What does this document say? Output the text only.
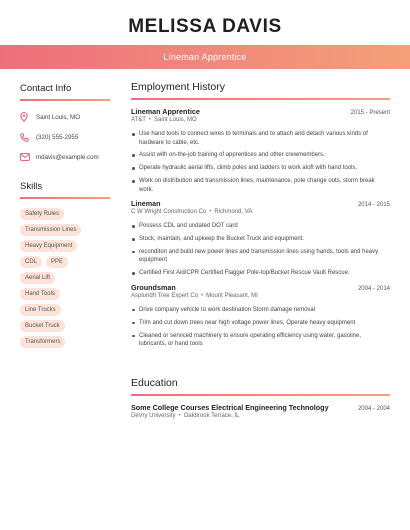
MELISSA DAVIS
Lineman Apprentice
Contact Info
Saint Louis, MO
(320) 555-2955
mdavis@example.com
Skills
Safety Rules
Transmission Lines
Heavy Equipment
CDL	PPE
Aerial Lift
Hand Tools
Line Trucks
Bucket Truck
Transformers
Employment History
Lineman Apprentice	2015 - Present
AT&T • Saint Louis, MO
Use hand tools to connect wires to terminals and to attach and detach various kinds of hardware to cable, etc.
Assist with on-the-job training of apprentices and other crewmembers.
Operate hydraulic aerial lifts, climb poles and ladders to work aloft with hand tools.
Work on distribution and transmission lines, maintenance, pole change outs, storm break work.
Lineman	2014 - 2015
C W Wright Construction Co • Richmond, VA
Possess CDL and undated DOT card
Stock, maintain, and upkeep the Bucket Truck and equipment.
reconditon and build new power lines and transmission lines using hands, tools and heavy equipment
Certified First Aid/CPR Certified Flagger Pole-top/Bucket Rescue Vault Rescue.
Groundsman	2004 - 2014
Asplundh Tree Expert Co • Mount Pleasant, MI
Drive company vehicle to work destination Storm damage removal
Trim and cut down trees near high voltage power lines, Operate heavy equipment
Cleaned or serviced machinery to ensure operating efficiency using water, gasoline, lubricants, or hand tools
Education
Some College Courses Electrical Engineering Technology	2004 - 2004
DeVry University • Oakbrook Terrace, IL
